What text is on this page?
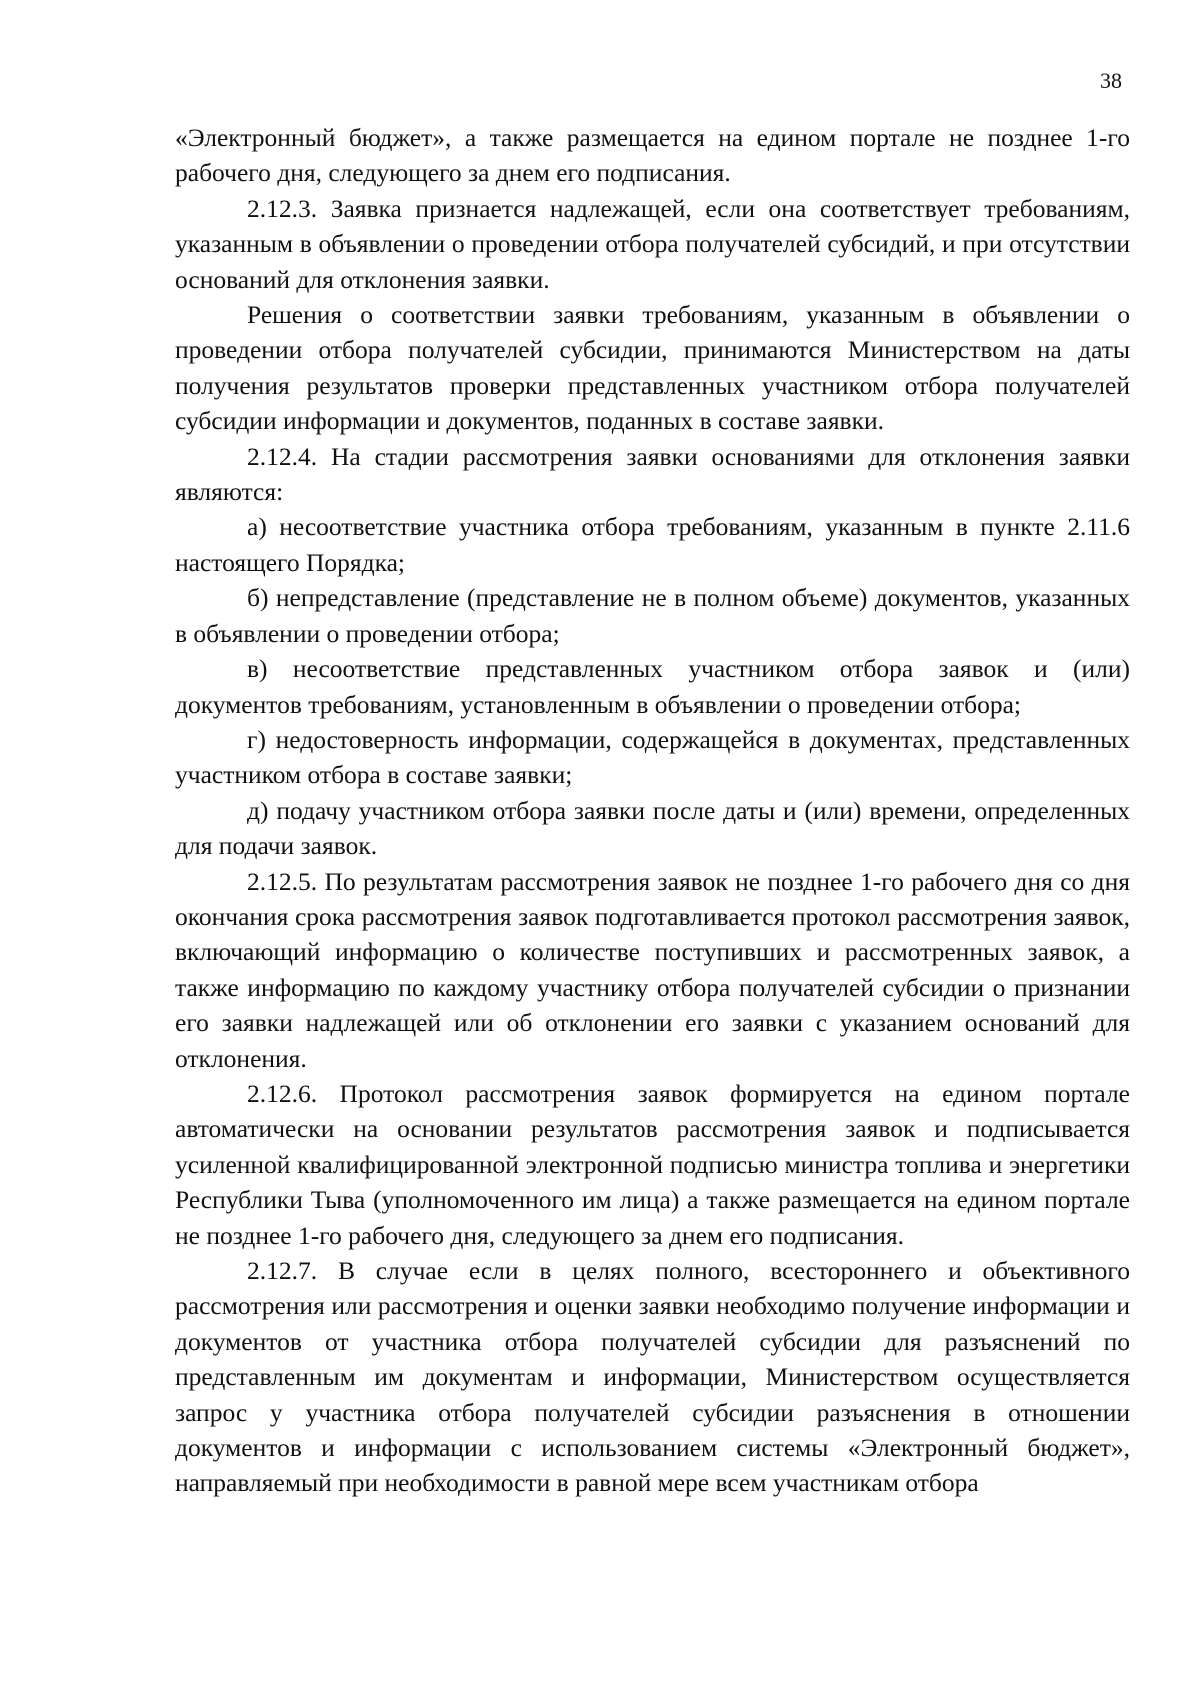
38

«Электронный бюджет», а также размещается на едином портале не позднее 1-го рабочего дня, следующего за днем его подписания.

2.12.3. Заявка признается надлежащей, если она соответствует требованиям, указанным в объявлении о проведении отбора получателей субсидий, и при отсутствии оснований для отклонения заявки.

Решения о соответствии заявки требованиям, указанным в объявлении о проведении отбора получателей субсидии, принимаются Министерством на даты получения результатов проверки представленных участником отбора получателей субсидии информации и документов, поданных в составе заявки.

2.12.4. На стадии рассмотрения заявки основаниями для отклонения заявки являются:

а) несоответствие участника отбора требованиям, указанным в пункте 2.11.6 настоящего Порядка;

б) непредставление (представление не в полном объеме) документов, указанных в объявлении о проведении отбора;

в) несоответствие представленных участником отбора заявок и (или) документов требованиям, установленным в объявлении о проведении отбора;

г) недостоверность информации, содержащейся в документах, представленных участником отбора в составе заявки;

д) подачу участником отбора заявки после даты и (или) времени, определенных для подачи заявок.

2.12.5. По результатам рассмотрения заявок не позднее 1-го рабочего дня со дня окончания срока рассмотрения заявок подготавливается протокол рассмотрения заявок, включающий информацию о количестве поступивших и рассмотренных заявок, а также информацию по каждому участнику отбора получателей субсидии о признании его заявки надлежащей или об отклонении его заявки с указанием оснований для отклонения.

2.12.6. Протокол рассмотрения заявок формируется на едином портале автоматически на основании результатов рассмотрения заявок и подписывается усиленной квалифицированной электронной подписью министра топлива и энергетики Республики Тыва (уполномоченного им лица) а также размещается на едином портале не позднее 1-го рабочего дня, следующего за днем его подписания.

2.12.7. В случае если в целях полного, всестороннего и объективного рассмотрения или рассмотрения и оценки заявки необходимо получение информации и документов от участника отбора получателей субсидии для разъяснений по представленным им документам и информации, Министерством осуществляется запрос у участника отбора получателей субсидии разъяснения в отношении документов и информации с использованием системы «Электронный бюджет», направляемый при необходимости в равной мере всем участникам отбора
